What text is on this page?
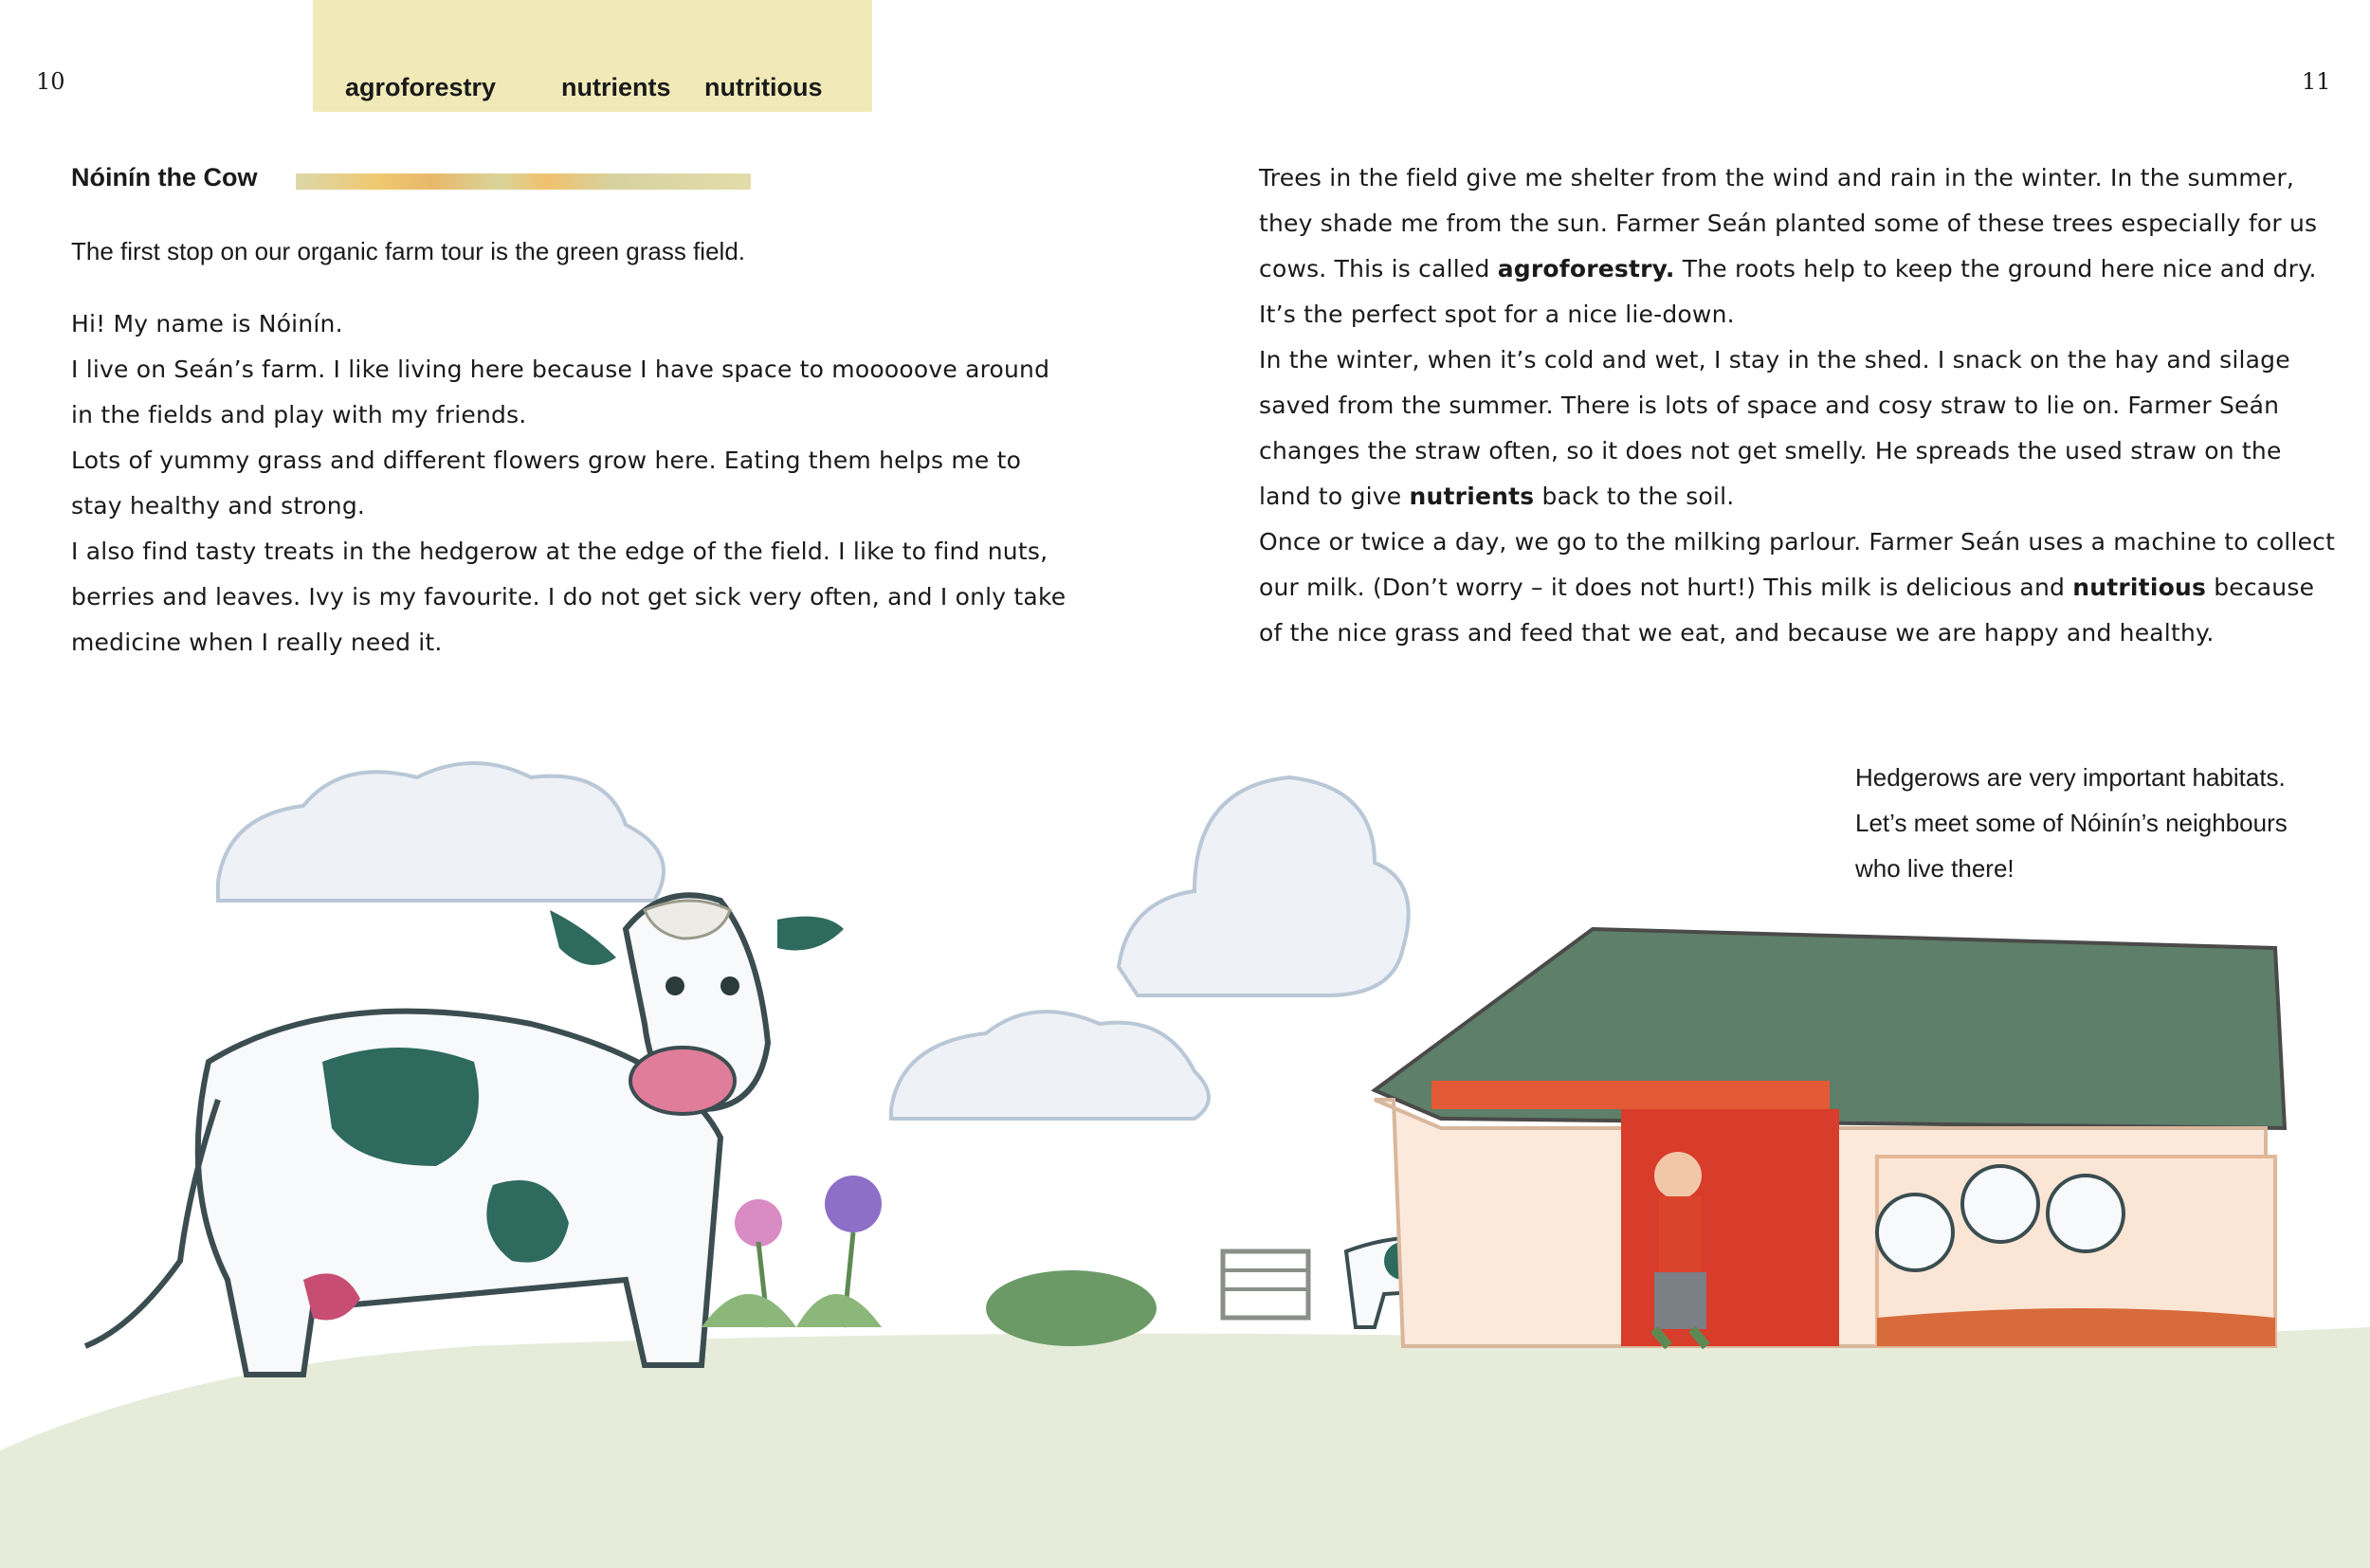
10	11
agroforestry	nutrients nutritious
Nóinín the Cow
The first stop on our organic farm tour is the green grass field.

Hi! My name is Nóinín.

I live on Seán’s farm. I like living here because I have space to mooooove around in the fields and play with my friends.

Lots of yummy grass and different flowers grow here. Eating them helps me to stay healthy and strong.

I also find tasty treats in the hedgerow at the edge of the field. I like to find nuts, berries and leaves. Ivy is my favourite. I do not get sick very often, and I only take medicine when I really need it.

Trees in the field give me shelter from the wind and rain in the winter. In the summer, they shade me from the sun. Farmer Seán planted some of these trees especially for us cows. This is called agroforestry. The roots help to keep the ground here nice and dry. It’s the perfect spot for a nice lie-down.

In the winter, when it’s cold and wet, I stay in the shed. I snack on the hay and silage saved from the summer. There is lots of space and cosy straw to lie on. Farmer Seán changes the straw often, so it does not get smelly. He spreads the used straw on the land to give nutrients back to the soil.

Once or twice a day, we go to the milking parlour. Farmer Seán uses a machine to collect our milk. (Don’t worry – it does not hurt!) This milk is delicious and nutritious because of the nice grass and feed that we eat, and because we are happy and healthy.

Hedgerows are very important habitats.

Let’s meet some of Nóinín’s neighbours

who live there!
